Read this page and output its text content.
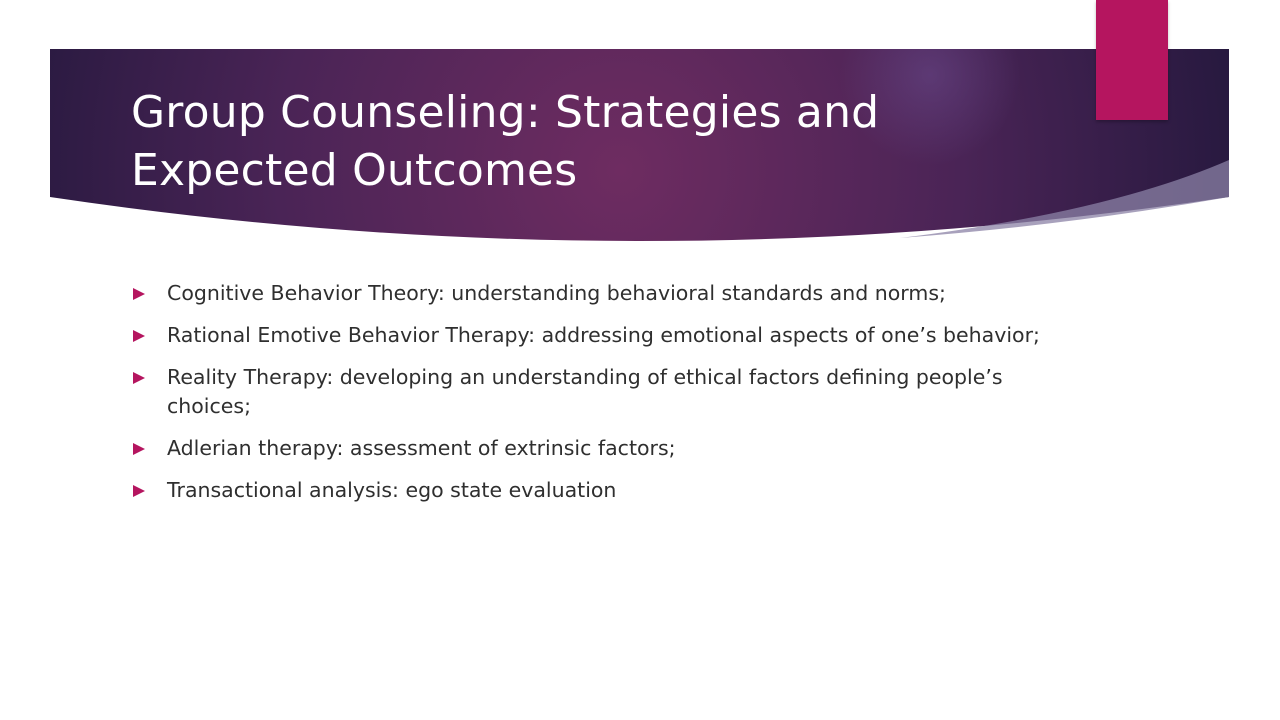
Group Counseling: Strategies and
Expected Outcomes
Cognitive Behavior Theory: understanding behavioral standards and norms;
Rational Emotive Behavior Therapy: addressing emotional aspects of one’s behavior;
Reality Therapy: developing an understanding of ethical factors defining people’s choices;
Adlerian therapy: assessment of extrinsic factors;
Transactional analysis: ego state evaluation
